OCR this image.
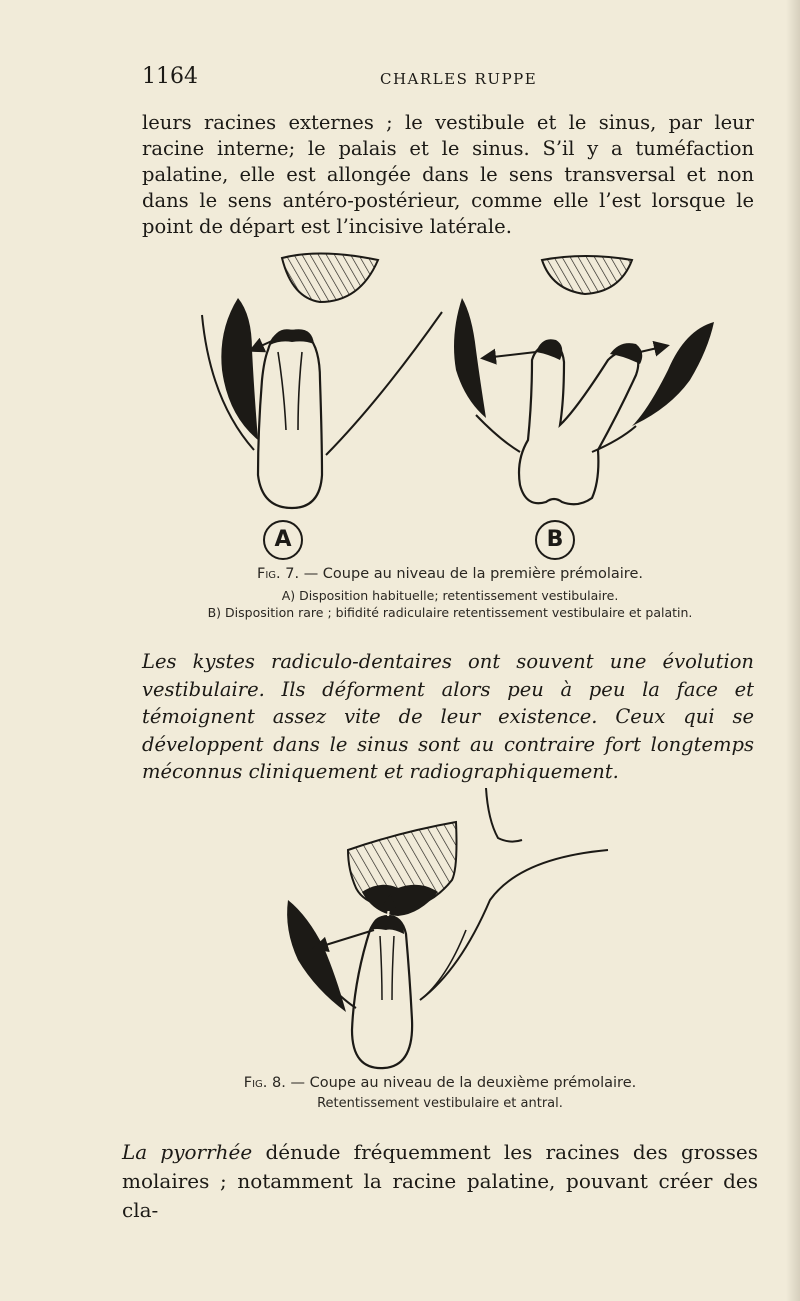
1164	CHARLES RUPPE
leurs racines externes ; le vestibule et le sinus, par leur racine interne; le palais et le sinus. S’il y a tuméfaction palatine, elle est allongée dans le sens transversal et non dans le sens antéro-postérieur, comme elle l’est lorsque le point de départ est l’incisive latérale.
A	B
Fig. 7. — Coupe au niveau de la première prémolaire.
A) Disposition habituelle; retentissement vestibulaire.
B) Disposition rare ; bifidité radiculaire retentissement vestibulaire et palatin.
Les kystes radiculo-dentaires ont souvent une évolution vestibulaire. Ils déforment alors peu à peu la face et témoignent assez vite de leur existence. Ceux qui se développent dans le sinus sont au contraire fort longtemps méconnus cliniquement et radiographiquement.
Fig. 8. — Coupe au niveau de la deuxième prémolaire.
Retentissement vestibulaire et antral.
La pyorrhée dénude fréquemment les racines des grosses molaires ; notamment la racine palatine, pouvant créer des cla-
